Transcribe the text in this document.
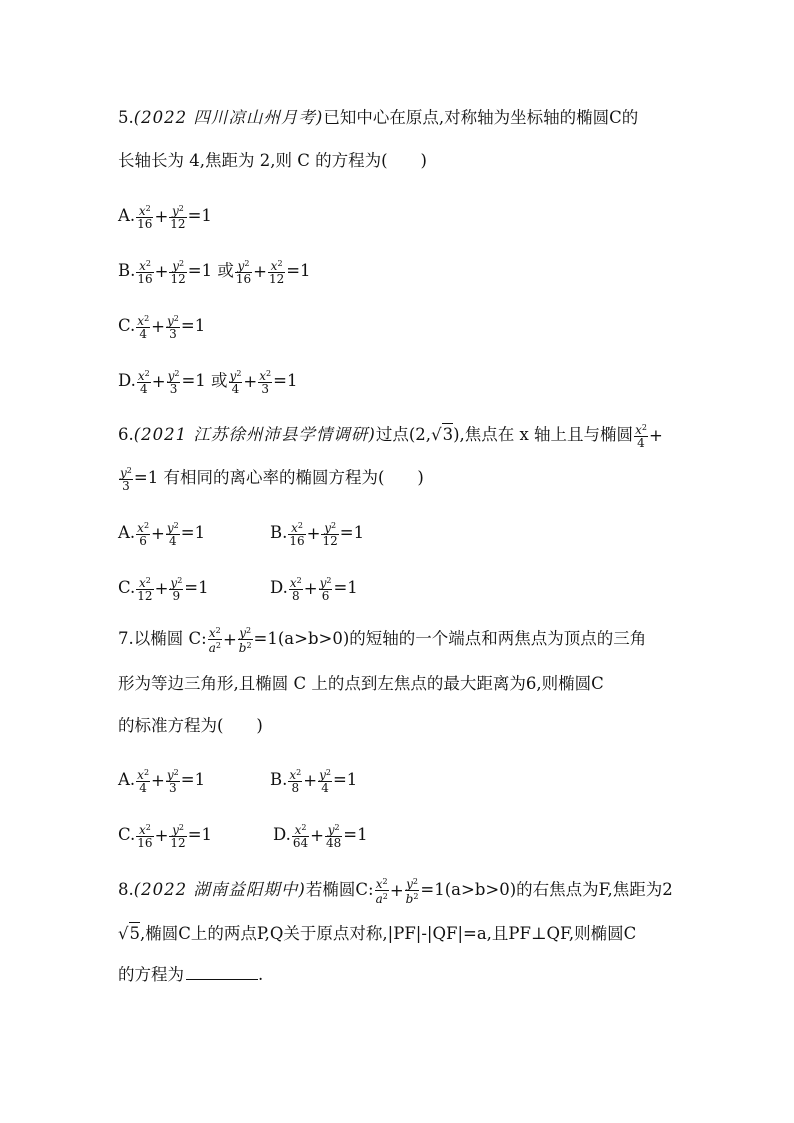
5.(2022 四川凉山州月考)已知中心在原点,对称轴为坐标轴的椭圆C的
长轴长为 4,焦距为 2,则 C 的方程为(　　)
A. $\frac{x^2}{16} + \frac{y^2}{12} =1$
B. $\frac{x^2}{16} + \frac{y^2}{12} =1$ 或 $\frac{y^2}{16} + \frac{x^2}{12} =1$
C. $\frac{x^2}{4} + \frac{y^2}{3} =1$
D. $\frac{x^2}{4} + \frac{y^2}{3} =1$ 或 $\frac{y^2}{4} + \frac{x^2}{3} =1$
6.(2021 江苏徐州沛县学情调研)过点(2,√3),焦点在 x 轴上且与椭圆 $\frac{x^2}{4}$ +
$\frac{y^2}{3} =1$ 有相同的离心率的椭圆方程为(　　)
A. $\frac{x^2}{6} + \frac{y^2}{4} =1$	B. $\frac{x^2}{16} + \frac{y^2}{12} =1$
C. $\frac{x^2}{12} + \frac{y^2}{9} =1$	D. $\frac{x^2}{8} + \frac{y^2}{6} =1$
7.以椭圆 C: $\frac{x^2}{a^2} + \frac{y^2}{b^2} =1(a>b>0)$的短轴的一个端点和两焦点为顶点的三角
形为等边三角形,且椭圆 C 上的点到左焦点的最大距离为6,则椭圆C
的标准方程为(　　)
A. $\frac{x^2}{4} + \frac{y^2}{3} =1$	B. $\frac{x^2}{8} + \frac{y^2}{4} =1$
C. $\frac{x^2}{16} + \frac{y^2}{12} =1$	D. $\frac{x^2}{64} + \frac{y^2}{48} =1$
8.(2022 湖南益阳期中)若椭圆C: $\frac{x^2}{a^2} + \frac{y^2}{b^2} =1(a>b>0)$的右焦点为F,焦距为2
√5,椭圆C上的两点P,Q关于原点对称,|PF|-|QF|=a,且PF⊥QF,则椭圆C
的方程为	.
